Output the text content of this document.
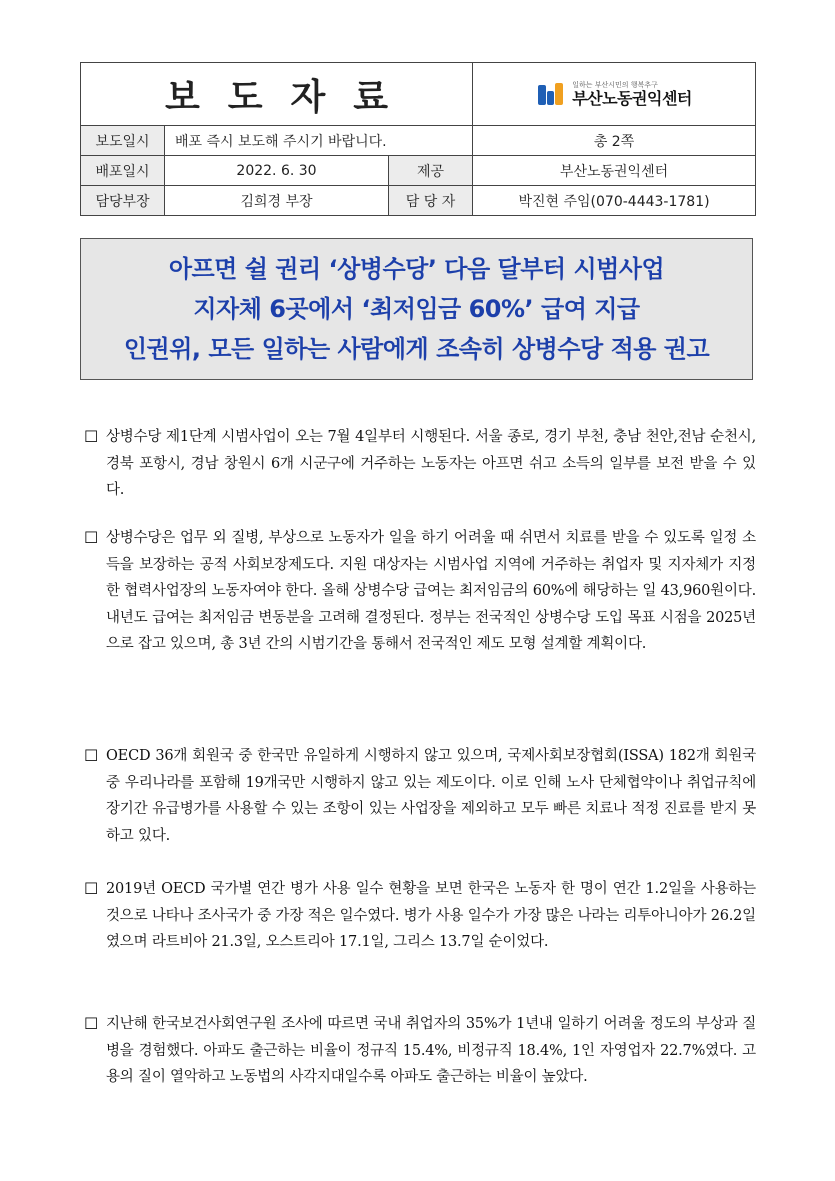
보도자료			일하는 부산시민의 행복추구
부산노동권익센터

보도일시	배포 즉시 보도해 주시기 바랍니다.		총 2쪽
배포일시	2022. 6. 30	제공	부산노동권익센터
담당부장	김희경 부장	담 당 자	박진현 주임(070-4443-1781)
아프면 쉴 권리 ‘상병수당’ 다음 달부터 시범사업
지자체 6곳에서 ‘최저임금 60%’ 급여 지급
인권위, 모든 일하는 사람에게 조속히 상병수당 적용 권고
☐ 상병수당 제1단계 시범사업이 오는 7월 4일부터 시행된다. 서울 종로, 경기 부천, 충남 천안,전남 순천시, 경북 포항시, 경남 창원시 6개 시군구에 거주하는 노동자는 아프면 쉬고 소득의 일부를 보전 받을 수 있다.
☐ 상병수당은 업무 외 질병, 부상으로 노동자가 일을 하기 어려울 때 쉬면서 치료를 받을 수 있도록 일정 소득을 보장하는 공적 사회보장제도다. 지원 대상자는 시범사업 지역에 거주하는 취업자 및 지자체가 지정한 협력사업장의 노동자여야 한다. 올해 상병수당 급여는 최저임금의 60%에 해당하는 일 43,960원이다. 내년도 급여는 최저임금 변동분을 고려해 결정된다. 정부는 전국적인 상병수당 도입 목표 시점을 2025년으로 잡고 있으며, 총 3년 간의 시범기간을 통해서 전국적인 제도 모형 설계할 계획이다.
☐ OECD 36개 회원국 중 한국만 유일하게 시행하지 않고 있으며, 국제사회보장협회(ISSA) 182개 회원국 중 우리나라를 포함해 19개국만 시행하지 않고 있는 제도이다. 이로 인해 노사 단체협약이나 취업규칙에 장기간 유급병가를 사용할 수 있는 조항이 있는 사업장을 제외하고 모두 빠른 치료나 적정 진료를 받지 못하고 있다.
☐ 2019년 OECD 국가별 연간 병가 사용 일수 현황을 보면 한국은 노동자 한 명이 연간 1.2일을 사용하는 것으로 나타나 조사국가 중 가장 적은 일수였다. 병가 사용 일수가 가장 많은 나라는 리투아니아가 26.2일였으며 라트비아 21.3일, 오스트리아 17.1일, 그리스 13.7일 순이었다.
☐ 지난해 한국보건사회연구원 조사에 따르면 국내 취업자의 35%가 1년내 일하기 어려울 정도의 부상과 질병을 경험했다. 아파도 출근하는 비율이 정규직 15.4%, 비정규직 18.4%, 1인 자영업자 22.7%였다. 고용의 질이 열악하고 노동법의 사각지대일수록 아파도 출근하는 비율이 높았다.
